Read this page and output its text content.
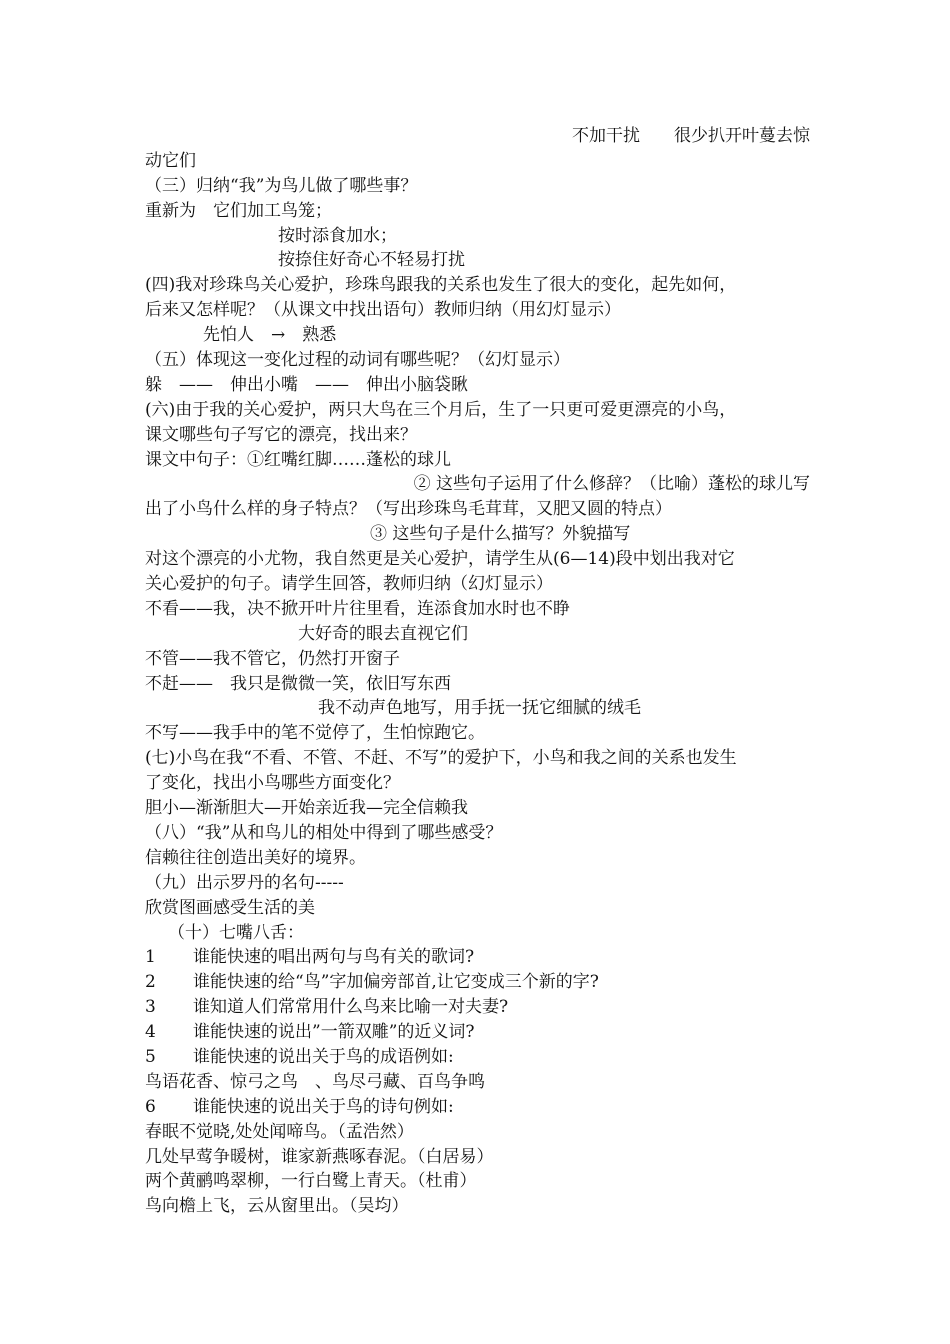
不加干扰　　很少扒开叶蔓去惊
动它们
（三）归纳“我”为鸟儿做了哪些事？
重新为　它们加工鸟笼；
按时添食加水；
按捺住好奇心不轻易打扰
(四)我对珍珠鸟关心爱护，珍珠鸟跟我的关系也发生了很大的变化，起先如何，
后来又怎样呢？（从课文中找出语句）教师归纳（用幻灯显示）
先怕人　→　熟悉
（五）体现这一变化过程的动词有哪些呢？（幻灯显示）
躲　——　伸出小嘴　——　伸出小脑袋瞅
(六)由于我的关心爱护，两只大鸟在三个月后，生了一只更可爱更漂亮的小鸟，
课文哪些句子写它的漂亮，找出来？
课文中句子：①红嘴红脚……蓬松的球儿
② 这些句子运用了什么修辞？（比喻）蓬松的球儿写
出了小鸟什么样的身子特点？（写出珍珠鸟毛茸茸，又肥又圆的特点）
③ 这些句子是什么描写？外貌描写
对这个漂亮的小尤物，我自然更是关心爱护，请学生从(6—14)段中划出我对它
关心爱护的句子。请学生回答，教师归纳（幻灯显示）
不看——我，决不掀开叶片往里看，连添食加水时也不睁
大好奇的眼去直视它们
不管——我不管它，仍然打开窗子
不赶——　我只是微微一笑，依旧写东西
我不动声色地写，用手抚一抚它细腻的绒毛
不写——我手中的笔不觉停了，生怕惊跑它。
(七)小鸟在我“不看、不管、不赶、不写”的爱护下，小鸟和我之间的关系也发生
了变化，找出小鸟哪些方面变化？
胆小—渐渐胆大—开始亲近我—完全信赖我
（八）“我”从和鸟儿的相处中得到了哪些感受？
信赖往往创造出美好的境界。
（九）出示罗丹的名句-----
欣赏图画感受生活的美
（十）七嘴八舌：
1 谁能快速的唱出两句与鸟有关的歌词?
2 谁能快速的给“鸟”字加偏旁部首,让它变成三个新的字?
3 谁知道人们常常用什么鸟来比喻一对夫妻?
4 谁能快速的说出”一箭双雕”的近义词?
5 谁能快速的说出关于鸟的成语例如:
鸟语花香、惊弓之鸟　、鸟尽弓藏、百鸟争鸣
6 谁能快速的说出关于鸟的诗句例如:
春眠不觉晓,处处闻啼鸟。（孟浩然）
几处早莺争暖树，谁家新燕啄春泥。（白居易）
两个黄鹂鸣翠柳，一行白鹭上青天。（杜甫）
鸟向檐上飞，云从窗里出。（吴均）
